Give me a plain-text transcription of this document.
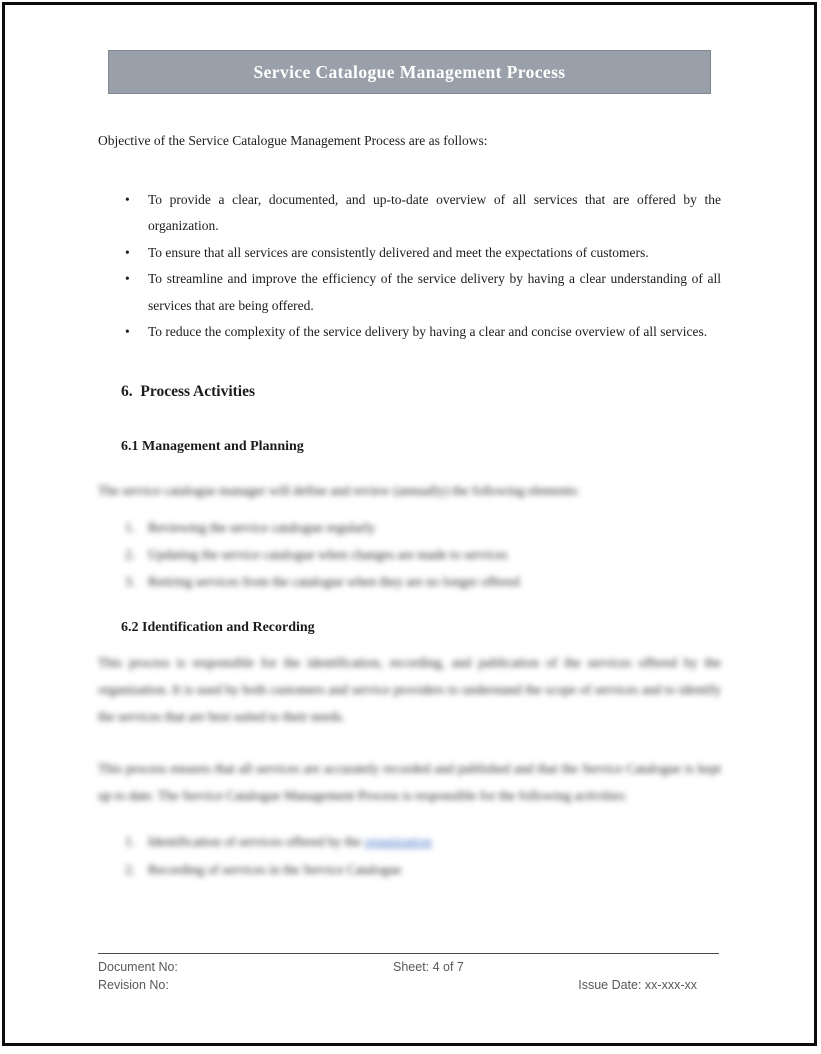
Service Catalogue Management Process

Objective of the Service Catalogue Management Process are as follows:

• To provide a clear, documented, and up-to-date overview of all services that are offered by the organization.
• To ensure that all services are consistently delivered and meet the expectations of customers.
• To streamline and improve the efficiency of the service delivery by having a clear understanding of all services that are being offered.
• To reduce the complexity of the service delivery by having a clear and concise overview of all services.
6.  Process Activities
6.1 Management and Planning

The service catalogue manager will define and review (annually) the following elements:

Reviewing the service catalogue regularly
Updating the service catalogue when changes are made to services
Retiring services from the catalogue when they are no longer offered
6.2 Identification and Recording

This process is responsible for the identification, recording, and publication of the services offered by the organization. It is used by both customers and service providers to understand the scope of services and to identify the services that are best suited to their needs.

This process ensures that all services are accurately recorded and published and that the Service Catalogue is kept up to date. The Service Catalogue Management Process is responsible for the following activities:

Identification of services offered by the organization
Recording of services in the Service Catalogue
Document No:	Sheet: 4 of 7
Revision No:	Issue Date: xx-xxx-xx
